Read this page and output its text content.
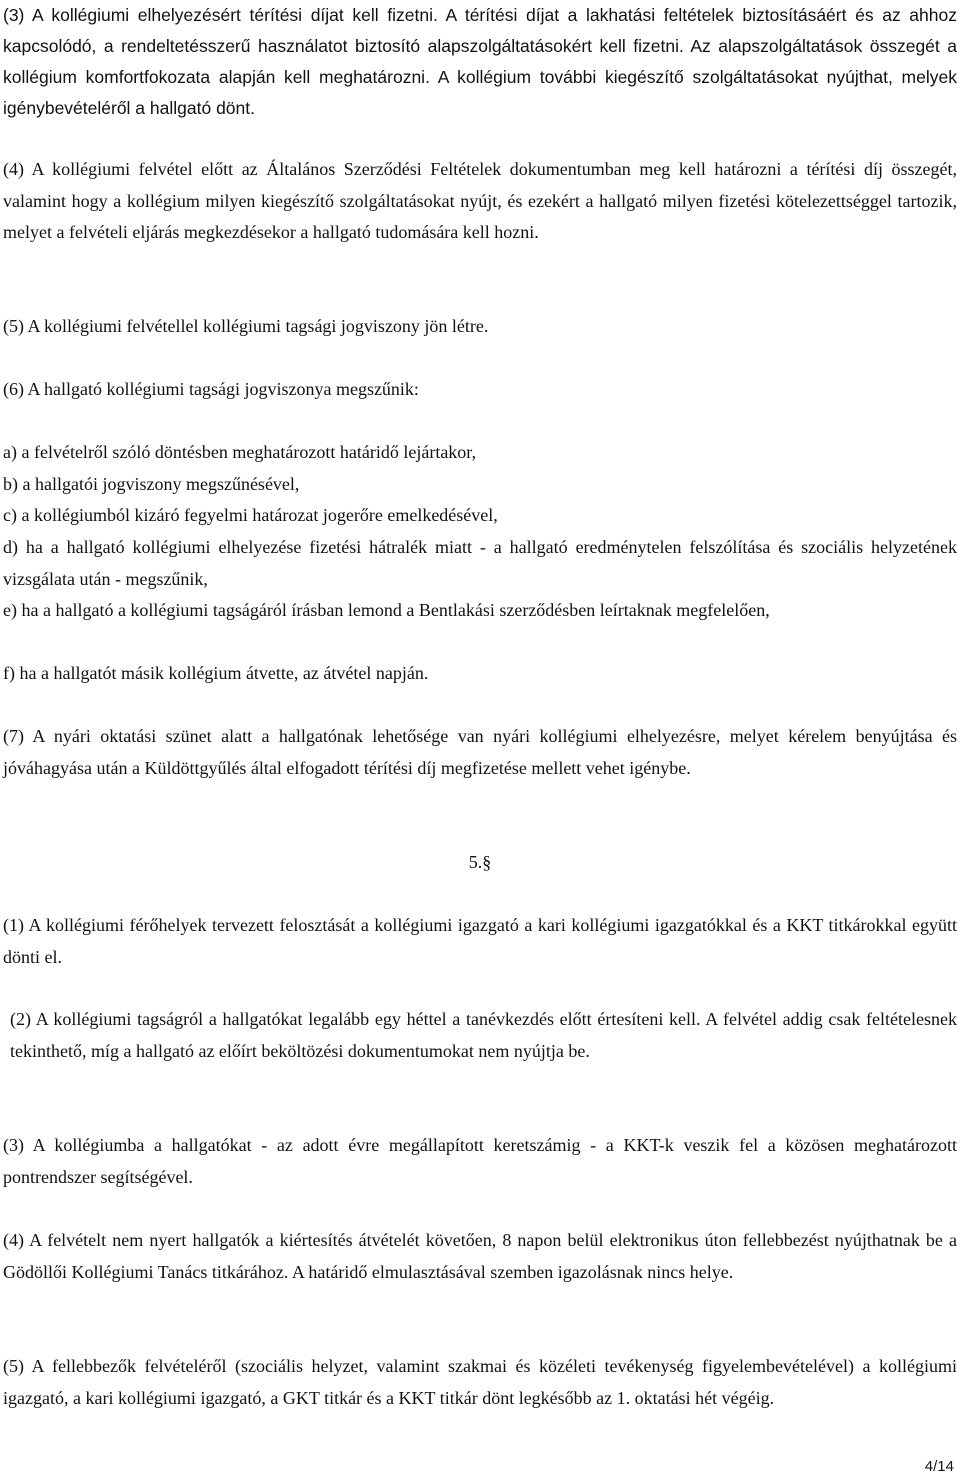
(3) A kollégiumi elhelyezésért térítési díjat kell fizetni. A térítési díjat a lakhatási feltételek biztosításáért és az ahhoz kapcsolódó, a rendeltetésszerű használatot biztosító alapszolgáltatásokért kell fizetni. Az alapszolgáltatások összegét a kollégium komfortfokozata alapján kell meghatározni. A kollégium további kiegészítő szolgáltatásokat nyújthat, melyek igénybevételéről a hallgató dönt.

(4) A kollégiumi felvétel előtt az Általános Szerződési Feltételek dokumentumban meg kell határozni a térítési díj összegét, valamint hogy a kollégium milyen kiegészítő szolgáltatásokat nyújt, és ezekért a hallgató milyen fizetési kötelezettséggel tartozik, melyet a felvételi eljárás megkezdésekor a hallgató tudomására kell hozni.

(5) A kollégiumi felvétellel kollégiumi tagsági jogviszony jön létre.

(6) A hallgató kollégiumi tagsági jogviszonya megszűnik:

a) a felvételről szóló döntésben meghatározott határidő lejártakor,

b) a hallgatói jogviszony megszűnésével,

c) a kollégiumból kizáró fegyelmi határozat jogerőre emelkedésével,

d) ha a hallgató kollégiumi elhelyezése fizetési hátralék miatt - a hallgató eredménytelen felszólítása és szociális helyzetének vizsgálata után - megszűnik,

e) ha a hallgató a kollégiumi tagságáról írásban lemond a Bentlakási szerződésben leírtaknak megfelelően,

f) ha a hallgatót másik kollégium átvette, az átvétel napján.

(7) A nyári oktatási szünet alatt a hallgatónak lehetősége van nyári kollégiumi elhelyezésre, melyet kérelem benyújtása és jóváhagyása után a Küldöttgyűlés által elfogadott térítési díj megfizetése mellett vehet igénybe.

5.§

(1) A kollégiumi férőhelyek tervezett felosztását a kollégiumi igazgató a kari kollégiumi igazgatókkal és a KKT titkárokkal együtt dönti el.

(2) A kollégiumi tagságról a hallgatókat legalább egy héttel a tanévkezdés előtt értesíteni kell. A felvétel addig csak feltételesnek tekinthető, míg a hallgató az előírt beköltözési dokumentumokat nem nyújtja be.

(3) A kollégiumba a hallgatókat - az adott évre megállapított keretszámig - a KKT-k veszik fel a közösen meghatározott pontrendszer segítségével.

(4) A felvételt nem nyert hallgatók a kiértesítés átvételét követően, 8 napon belül elektronikus úton fellebbezést nyújthatnak be a Gödöllői Kollégiumi Tanács titkárához. A határidő elmulasztásával szemben igazolásnak nincs helye.

(5) A fellebbezők felvételéről (szociális helyzet, valamint szakmai és közéleti tevékenység figyelembevételével) a kollégiumi igazgató, a kari kollégiumi igazgató, a GKT titkár és a KKT titkár dönt legkésőbb az 1. oktatási hét végéig.

4/14
